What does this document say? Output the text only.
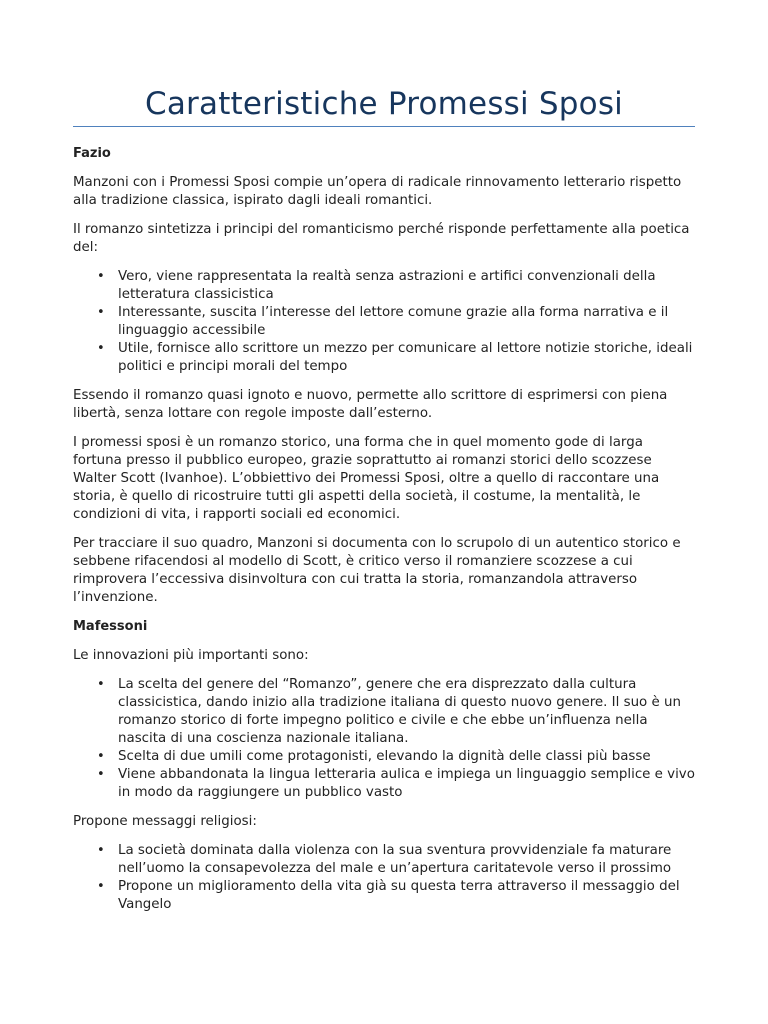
Caratteristiche Promessi Sposi

Fazio

Manzoni con i Promessi Sposi compie un’opera di radicale rinnovamento letterario rispetto alla tradizione classica, ispirato dagli ideali romantici.

Il romanzo sintetizza i principi del romanticismo perché risponde perfettamente alla poetica del:

• Vero, viene rappresentata la realtà senza astrazioni e artifici convenzionali della letteratura classicistica
• Interessante, suscita l’interesse del lettore comune grazie alla forma narrativa e il linguaggio accessibile
• Utile, fornisce allo scrittore un mezzo per comunicare al lettore notizie storiche, ideali politici e principi morali del tempo

Essendo il romanzo quasi ignoto e nuovo, permette allo scrittore di esprimersi con piena libertà, senza lottare con regole imposte dall’esterno.

I promessi sposi è un romanzo storico, una forma che in quel momento gode di larga fortuna presso il pubblico europeo, grazie soprattutto ai romanzi storici dello scozzese Walter Scott (Ivanhoe). L’obbiettivo dei Promessi Sposi, oltre a quello di raccontare una storia, è quello di ricostruire tutti gli aspetti della società, il costume, la mentalità, le condizioni di vita, i rapporti sociali ed economici.

Per tracciare il suo quadro, Manzoni si documenta con lo scrupolo di un autentico storico e sebbene rifacendosi al modello di Scott, è critico verso il romanziere scozzese a cui rimprovera l’eccessiva disinvoltura con cui tratta la storia, romanzandola attraverso l’invenzione.

Mafessoni

Le innovazioni più importanti sono:

• La scelta del genere del “Romanzo”, genere che era disprezzato dalla cultura classicistica, dando inizio alla tradizione italiana di questo nuovo genere. Il suo è un romanzo storico di forte impegno politico e civile e che ebbe un’influenza nella nascita di una coscienza nazionale italiana.
• Scelta di due umili come protagonisti, elevando la dignità delle classi più basse
• Viene abbandonata la lingua letteraria aulica e impiega un linguaggio semplice e vivo in modo da raggiungere un pubblico vasto

Propone messaggi religiosi:

• La società dominata dalla violenza con la sua sventura provvidenziale fa maturare nell’uomo la consapevolezza del male e un’apertura caritatevole verso il prossimo
• Propone un miglioramento della vita già su questa terra attraverso il messaggio del Vangelo
